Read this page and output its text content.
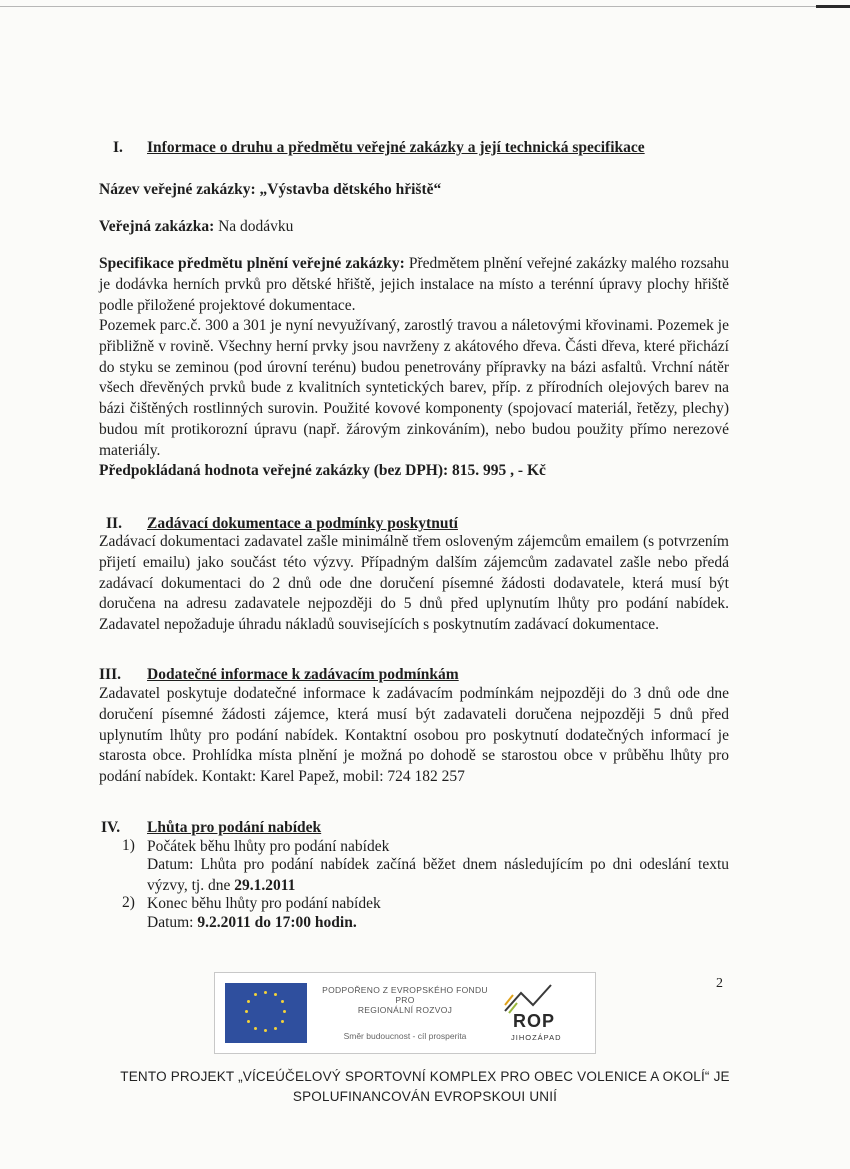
I. Informace o druhu a předmětu veřejné zakázky a její technická specifikace
Název veřejné zakázky: „Výstavba dětského hřiště“
Veřejná zakázka: Na dodávku
Specifikace předmětu plnění veřejné zakázky: Předmětem plnění veřejné zakázky malého rozsahu je dodávka herních prvků pro dětské hřiště, jejich instalace na místo a terénní úpravy plochy hřiště podle přiložené projektové dokumentace.
Pozemek parc.č. 300 a 301 je nyní nevyužívaný, zarostlý travou a náletovými křovinami. Pozemek je přibližně v rovině. Všechny herní prvky jsou navrženy z akátového dřeva. Části dřeva, které přichází do styku se zeminou (pod úrovní terénu) budou penetrovány přípravky na bázi asfaltů. Vrchní nátěr všech dřevěných prvků bude z kvalitních syntetických barev, příp. z přírodních olejových barev na bázi čištěných rostlinných surovin. Použité kovové komponenty (spojovací materiál, řetězy, plechy) budou mít protikorozní úpravu (např. žárovým zinkováním), nebo budou použity přímo nerezové materiály.
Předpokládaná hodnota veřejné zakázky (bez DPH): 815. 995 , - Kč
II. Zadávací dokumentace a podmínky poskytnutí
Zadávací dokumentaci zadavatel zašle minimálně třem osloveným zájemcům emailem (s potvrzením přijetí emailu) jako součást této výzvy. Případným dalším zájemcům zadavatel zašle nebo předá zadávací dokumentaci do 2 dnů ode dne doručení písemné žádosti dodavatele, která musí být doručena na adresu zadavatele nejpozději do 5 dnů před uplynutím lhůty pro podání nabídek. Zadavatel nepožaduje úhradu nákladů souvisejících s poskytnutím zadávací dokumentace.
III. Dodatečné informace k zadávacím podmínkám
Zadavatel poskytuje dodatečné informace k zadávacím podmínkám nejpozději do 3 dnů ode dne doručení písemné žádosti zájemce, která musí být zadavateli doručena nejpozději 5 dnů před uplynutím lhůty pro podání nabídek. Kontaktní osobou pro poskytnutí dodatečných informací je starosta obce. Prohlídka místa plnění je možná po dohodě se starostou obce v průběhu lhůty pro podání nabídek. Kontakt: Karel Papež, mobil: 724 182 257
IV. Lhůta pro podání nabídek
1) Počátek běhu lhůty pro podání nabídek
Datum: Lhůta pro podání nabídek začíná běžet dnem následujícím po dni odeslání textu výzvy, tj. dne 29.1.2011
2) Konec běhu lhůty pro podání nabídek
Datum: 9.2.2011 do 17:00 hodin.
2
PODPOŘENO Z EVROPSKÉHO FONDU
PRO
REGIONÁLNÍ ROZVOJ
Směr budoucnost - cíl prosperita
ROP
JIHOZÁPAD
TENTO PROJEKT „VÍCEÚČELOVÝ SPORTOVNÍ KOMPLEX PRO OBEC VOLENICE A OKOLÍ“ JE
SPOLUFINANCOVÁN EVROPSKOUI UNIÍ
